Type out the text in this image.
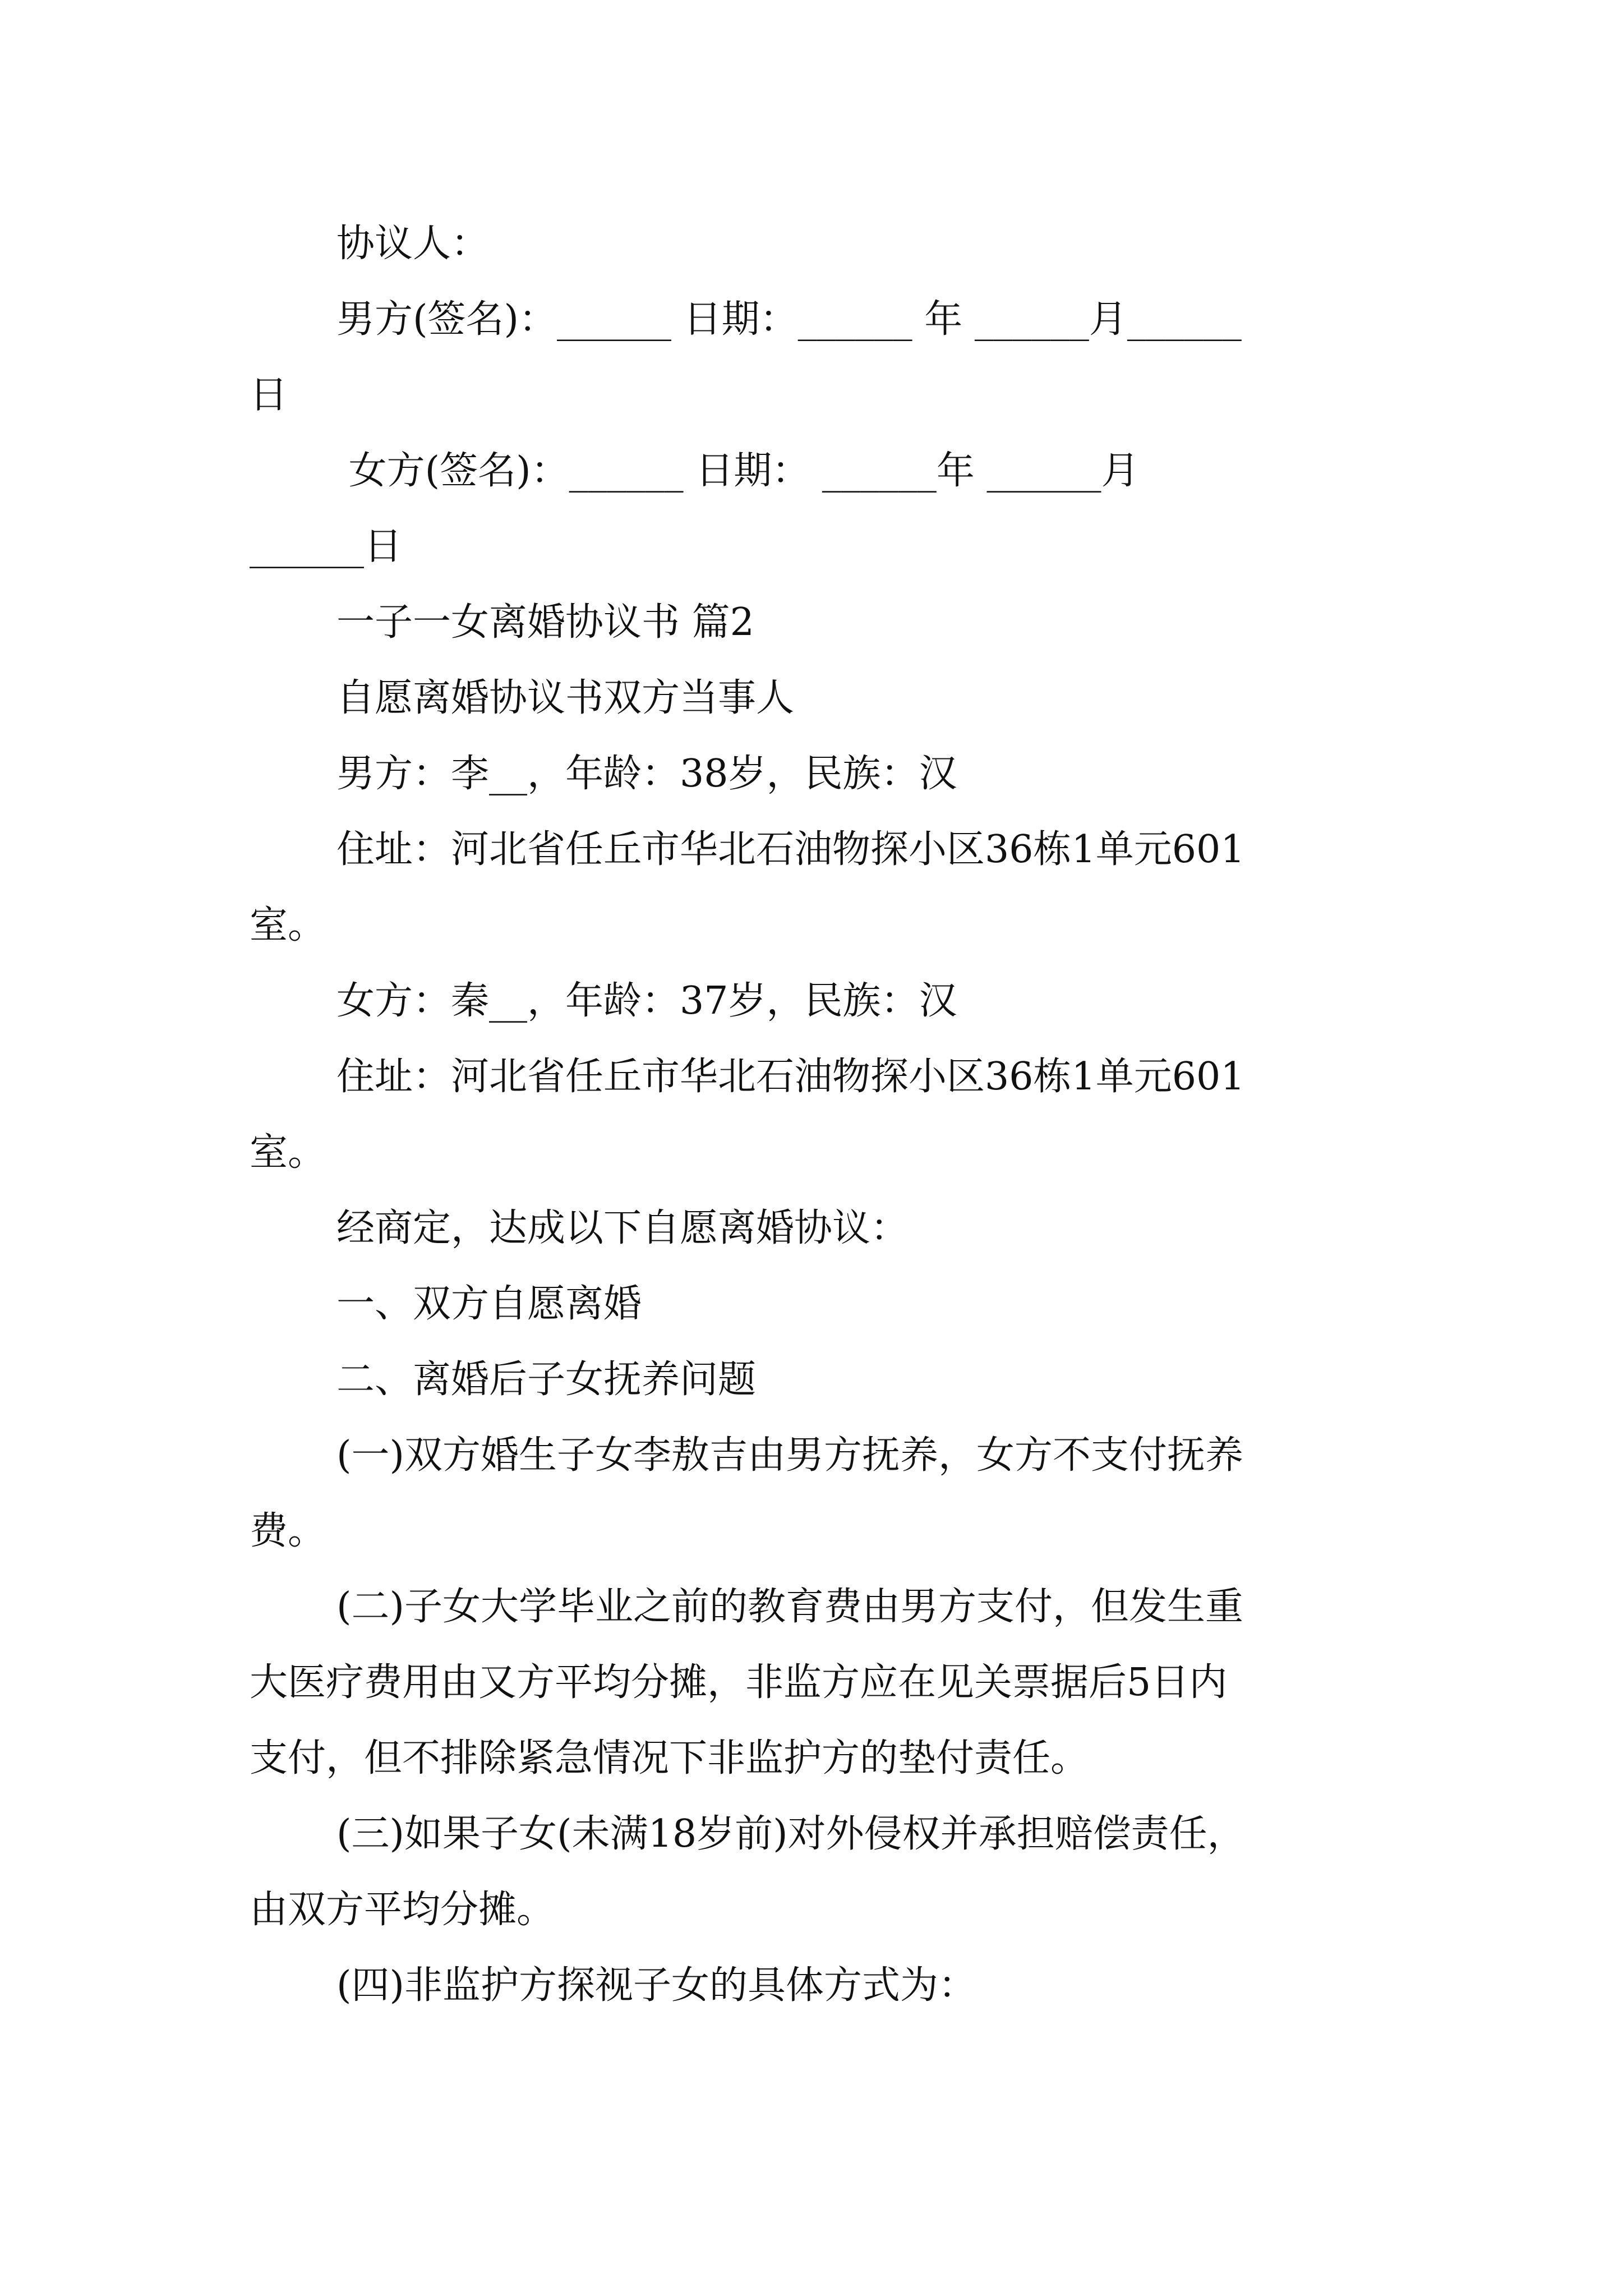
协议人：
男方(签名)：______ 日期：______ 年 ______月______
日
女方(签名)：______ 日期： ______年 ______月
______日
一子一女离婚协议书 篇2
自愿离婚协议书双方当事人
男方：李__，年龄：38岁，民族：汉
住址：河北省任丘市华北石油物探小区36栋1单元601
室。
女方：秦__，年龄：37岁，民族：汉
住址：河北省任丘市华北石油物探小区36栋1单元601
室。
经商定，达成以下自愿离婚协议：
一、双方自愿离婚
二、离婚后子女抚养问题
(一)双方婚生子女李敖吉由男方抚养，女方不支付抚养
费。
(二)子女大学毕业之前的教育费由男方支付，但发生重
大医疗费用由又方平均分摊，非监方应在见关票据后5日内
支付，但不排除紧急情况下非监护方的垫付责任。
(三)如果子女(未满18岁前)对外侵权并承担赔偿责任，
由双方平均分摊。
(四)非监护方探视子女的具体方式为：
